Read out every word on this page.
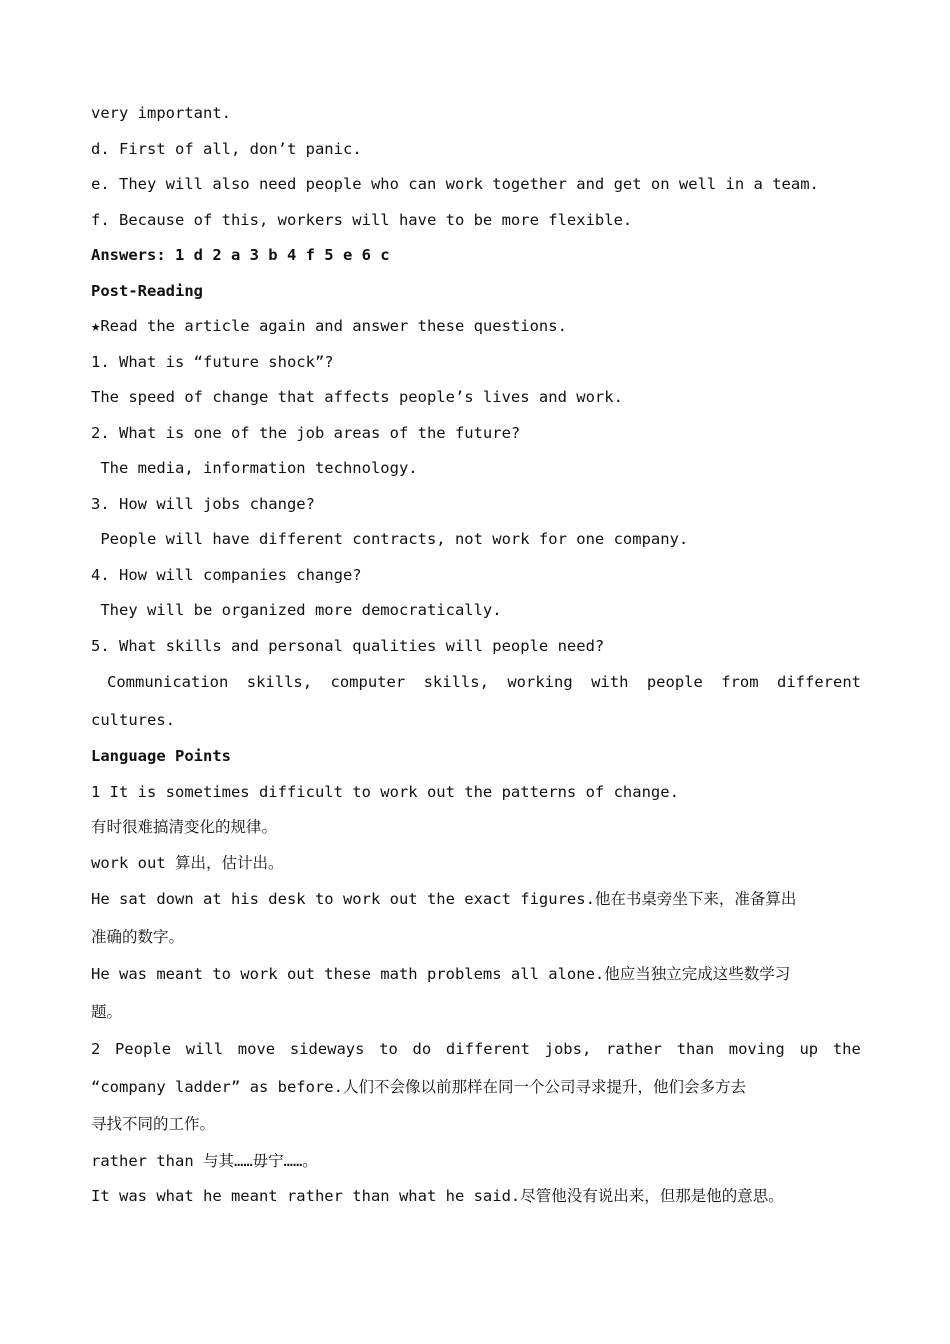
very important.
d. First of all, don’t panic.
e. They will also need people who can work together and get on well in a team.
f. Because of this, workers will have to be more flexible.
Answers: 1 d 2 a 3 b 4 f 5 e 6 c
Post-Reading
★Read the article again and answer these questions.
1. What is “future shock”?
The speed of change that affects people’s lives and work.
2. What is one of the job areas of the future?
The media, information technology.
3. How will jobs change?
People will have different contracts, not work for one company.
4. How will companies change?
They will be organized more democratically.
5. What skills and personal qualities will people need?
Communication skills, computer skills, working with people from different
cultures.
Language Points
1 It is sometimes difficult to work out the patterns of change.
有时很难搞清变化的规律。
work out 算出，估计出。
He sat down at his desk to work out the exact figures.他在书桌旁坐下来，准备算出
准确的数字。
He was meant to work out these math problems all alone.他应当独立完成这些数学习
题。
2 People will move sideways to do different jobs, rather than moving up the
“company ladder” as before.人们不会像以前那样在同一个公司寻求提升，他们会多方去
寻找不同的工作。
rather than 与其……毋宁……。
It was what he meant rather than what he said.尽管他没有说出来，但那是他的意思。
